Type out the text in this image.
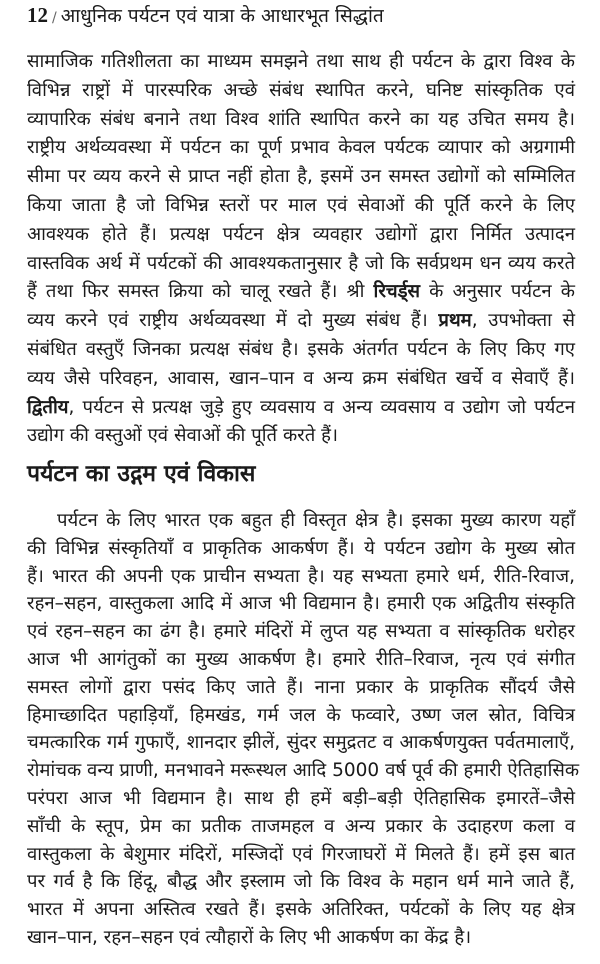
12 / आधुनिक पर्यटन एवं यात्रा के आधारभूत सिद्धांत
सामाजिक गतिशीलता का माध्यम समझने तथा साथ ही पर्यटन के द्वारा विश्व के
विभिन्न राष्ट्रों में पारस्परिक अच्छे संबंध स्थापित करने, घनिष्ट सांस्कृतिक एवं
व्यापारिक संबंध बनाने तथा विश्व शांति स्थापित करने का यह उचित समय है।
राष्ट्रीय अर्थव्यवस्था में पर्यटन का पूर्ण प्रभाव केवल पर्यटक व्यापार को अग्रगामी
सीमा पर व्यय करने से प्राप्त नहीं होता है, इसमें उन समस्त उद्योगों को सम्मिलित
किया जाता है जो विभिन्न स्तरों पर माल एवं सेवाओं की पूर्ति करने के लिए
आवश्यक होते हैं। प्रत्यक्ष पर्यटन क्षेत्र व्यवहार उद्योगों द्वारा निर्मित उत्पादन
वास्तविक अर्थ में पर्यटकों की आवश्यकतानुसार है जो कि सर्वप्रथम धन व्यय करते
हैं तथा फिर समस्त क्रिया को चालू रखते हैं। श्री रिचर्ड्स के अनुसार पर्यटन के
व्यय करने एवं राष्ट्रीय अर्थव्यवस्था में दो मुख्य संबंध हैं। प्रथम, उपभोक्ता से
संबंधित वस्तुएँ जिनका प्रत्यक्ष संबंध है। इसके अंतर्गत पर्यटन के लिए किए गए
व्यय जैसे परिवहन, आवास, खान–पान व अन्य क्रम संबंधित खर्चे व सेवाएँ हैं।
द्वितीय, पर्यटन से प्रत्यक्ष जुड़े हुए व्यवसाय व अन्य व्यवसाय व उद्योग जो पर्यटन
उद्योग की वस्तुओं एवं सेवाओं की पूर्ति करते हैं।
पर्यटन का उद्गम एवं विकास
पर्यटन के लिए भारत एक बहुत ही विस्तृत क्षेत्र है। इसका मुख्य कारण यहाँ
की विभिन्न संस्कृतियाँ व प्राकृतिक आकर्षण हैं। ये पर्यटन उद्योग के मुख्य स्रोत
हैं। भारत की अपनी एक प्राचीन सभ्यता है। यह सभ्यता हमारे धर्म, रीति-रिवाज,
रहन–सहन, वास्तुकला आदि में आज भी विद्यमान है। हमारी एक अद्वितीय संस्कृति
एवं रहन–सहन का ढंग है। हमारे मंदिरों में लुप्त यह सभ्यता व सांस्कृतिक धरोहर
आज भी आगंतुकों का मुख्य आकर्षण है। हमारे रीति–रिवाज, नृत्य एवं संगीत
समस्त लोगों द्वारा पसंद किए जाते हैं। नाना प्रकार के प्राकृतिक सौंदर्य जैसे
हिमाच्छादित पहाड़ियाँ, हिमखंड, गर्म जल के फव्वारे, उष्ण जल स्रोत, विचित्र
चमत्कारिक गर्म गुफाएँ, शानदार झीलें, सुंदर समुद्रतट व आकर्षणयुक्त पर्वतमालाएँ,
रोमांचक वन्य प्राणी, मनभावने मरूस्थल आदि 5000 वर्ष पूर्व की हमारी ऐतिहासिक
परंपरा आज भी विद्यमान है। साथ ही हमें बड़ी–बड़ी ऐतिहासिक इमारतें–जैसे
साँची के स्तूप, प्रेम का प्रतीक ताजमहल व अन्य प्रकार के उदाहरण कला व
वास्तुकला के बेशुमार मंदिरों, मस्जिदों एवं गिरजाघरों में मिलते हैं। हमें इस बात
पर गर्व है कि हिंदू, बौद्ध और इस्लाम जो कि विश्व के महान धर्म माने जाते हैं,
भारत में अपना अस्तित्व रखते हैं। इसके अतिरिक्त, पर्यटकों के लिए यह क्षेत्र
खान–पान, रहन–सहन एवं त्यौहारों के लिए भी आकर्षण का केंद्र है।
